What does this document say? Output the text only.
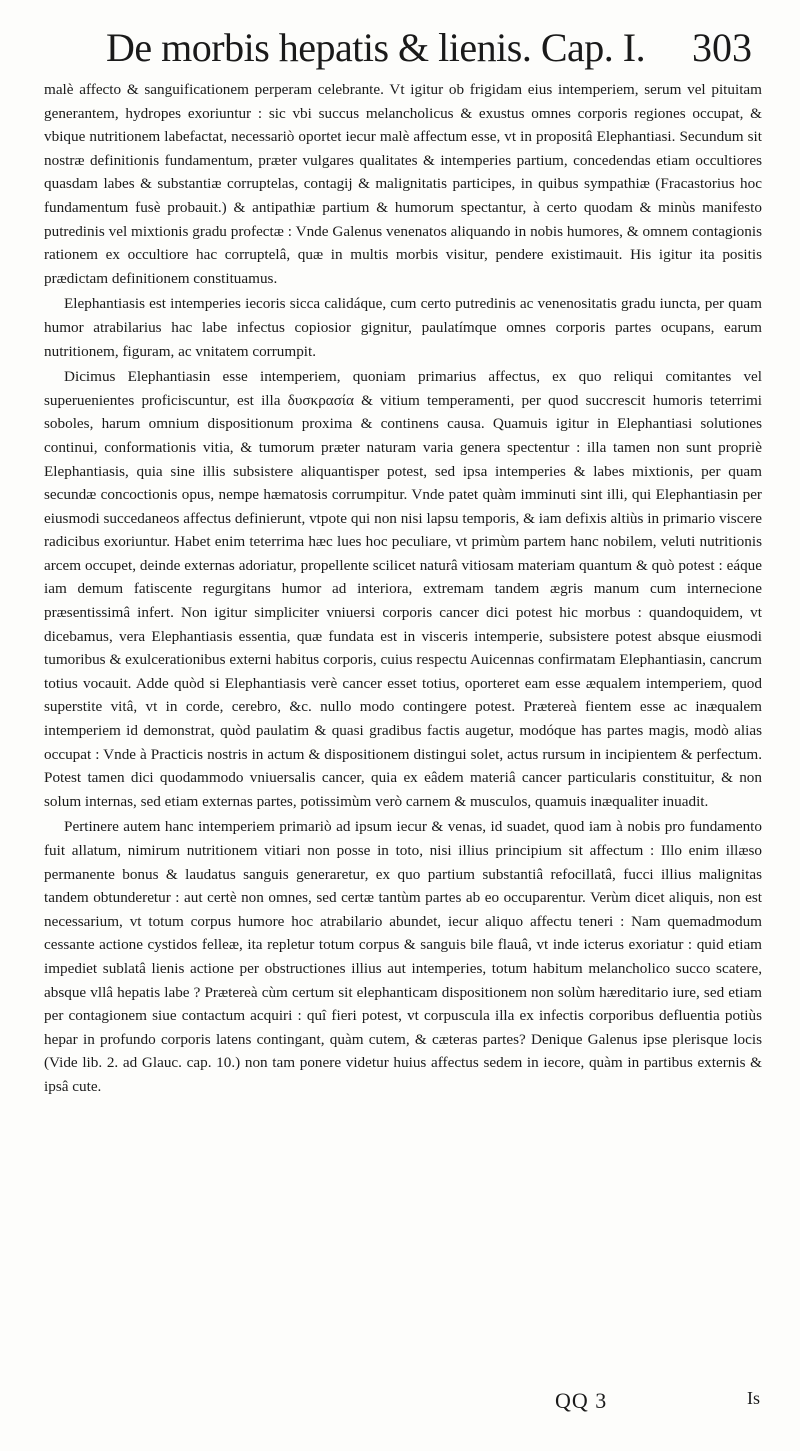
De morbis hepatis & lienis. Cap. I. 303

malè affecto & sanguificationem perperam celebrante. Vt igitur ob frigidam eius intemperiem, serum vel pituitam generantem, hydropes exoriuntur : sic vbi succus melancholicus & exustus omnes corporis regiones occupat, & vbique nutritionem labefactat, necessariò oportet iecur malè affectum esse, vt in propositâ Elephantiasi. Secundum sit nostræ definitionis fundamentum, præter vulgares qualitates & intemperies partium, concedendas etiam occultiores quasdam labes & substantiæ corruptelas, contagij & malignitatis participes, in quibus sympathiæ (Fracastorius hoc fundamentum fusè probauit.) & antipathiæ partium & humorum spectantur, à certo quodam & minùs manifesto putredinis vel mixtionis gradu profectæ : Vnde Galenus venenatos aliquando in nobis humores, & omnem contagionis rationem ex occultiore hac corruptelâ, quæ in multis morbis visitur, pendere existimauit. His igitur ita positis prædictam definitionem constituamus.

Elephantiasis est intemperies iecoris sicca calidáque, cum certo putredinis ac venenositatis gradu iuncta, per quam humor atrabilarius hac labe infectus copiosior gignitur, paulatímque omnes corporis partes ocupans, earum nutritionem, figuram, ac vnitatem corrumpit.

Dicimus Elephantiasin esse intemperiem, quoniam primarius affectus, ex quo reliqui comitantes vel superuenientes proficiscuntur, est illa δυσκρασία & vitium temperamenti, per quod succrescit humoris teterrimi soboles, harum omnium dispositionum proxima & continens causa. Quamuis igitur in Elephantiasi solutiones continui, conformationis vitia, & tumorum præter naturam varia genera spectentur : illa tamen non sunt propriè Elephantiasis, quia sine illis subsistere aliquantisper potest, sed ipsa intemperies & labes mixtionis, per quam secundæ concoctionis opus, nempe hæmatosis corrumpitur. Vnde patet quàm imminuti sint illi, qui Elephantiasin per eiusmodi succedaneos affectus definierunt, vtpote qui non nisi lapsu temporis, & iam defixis altiùs in primario viscere radicibus exoriuntur. Habet enim teterrima hæc lues hoc peculiare, vt primùm partem hanc nobilem, veluti nutritionis arcem occupet, deinde externas adoriatur, propellente scilicet naturâ vitiosam materiam quantum & quò potest : eáque iam demum fatiscente regurgitans humor ad interiora, extremam tandem ægris manum cum internecione præsentissimâ infert. Non igitur simpliciter vniuersi corporis cancer dici potest hic morbus : quandoquidem, vt dicebamus, vera Elephantiasis essentia, quæ fundata est in visceris intemperie, subsistere potest absque eiusmodi tumoribus & exulcerationibus externi habitus corporis, cuius respectu Auicennas confirmatam Elephantiasin, cancrum totius vocauit. Adde quòd si Elephantiasis verè cancer esset totius, oporteret eam esse æqualem intemperiem, quod superstite vitâ, vt in corde, cerebro, &c. nullo modo contingere potest. Prætereà fientem esse ac inæqualem intemperiem id demonstrat, quòd paulatim & quasi gradibus factis augetur, modóque has partes magis, modò alias occupat : Vnde à Practicis nostris in actum & dispositionem distingui solet, actus rursum in incipientem & perfectum. Potest tamen dici quodammodo vniuersalis cancer, quia ex eâdem materiâ cancer particularis constituitur, & non solum internas, sed etiam externas partes, potissimùm verò carnem & musculos, quamuis inæqualiter inuadit.

Pertinere autem hanc intemperiem primariò ad ipsum iecur & venas, id suadet, quod iam à nobis pro fundamento fuit allatum, nimirum nutritionem vitiari non posse in toto, nisi illius principium sit affectum : Illo enim illæso permanente bonus & laudatus sanguis generaretur, ex quo partium substantiâ refocillatâ, fucci illius malignitas tandem obtunderetur : aut certè non omnes, sed certæ tantùm partes ab eo occuparentur. Verùm dicet aliquis, non est necessarium, vt totum corpus humore hoc atrabilario abundet, iecur aliquo affectu teneri : Nam quemadmodum cessante actione cystidos felleæ, ita repletur totum corpus & sanguis bile flauâ, vt inde icterus exoriatur : quid etiam impediet sublatâ lienis actione per obstructiones illius aut intemperies, totum habitum melancholico succo scatere, absque vllâ hepatis labe ? Prætereà cùm certum sit elephanticam dispositionem non solùm hæreditario iure, sed etiam per contagionem siue contactum acquiri : quî fieri potest, vt corpuscula illa ex infectis corporibus defluentia potiùs hepar in profundo corporis latens contingant, quàm cutem, & cæteras partes? Denique Galenus ipse plerisque locis (Vide lib. 2. ad Glauc. cap. 10.) non tam ponere videtur huius affectus sedem in iecore, quàm in partibus externis & ipsâ cute.

QQ 3	Is
